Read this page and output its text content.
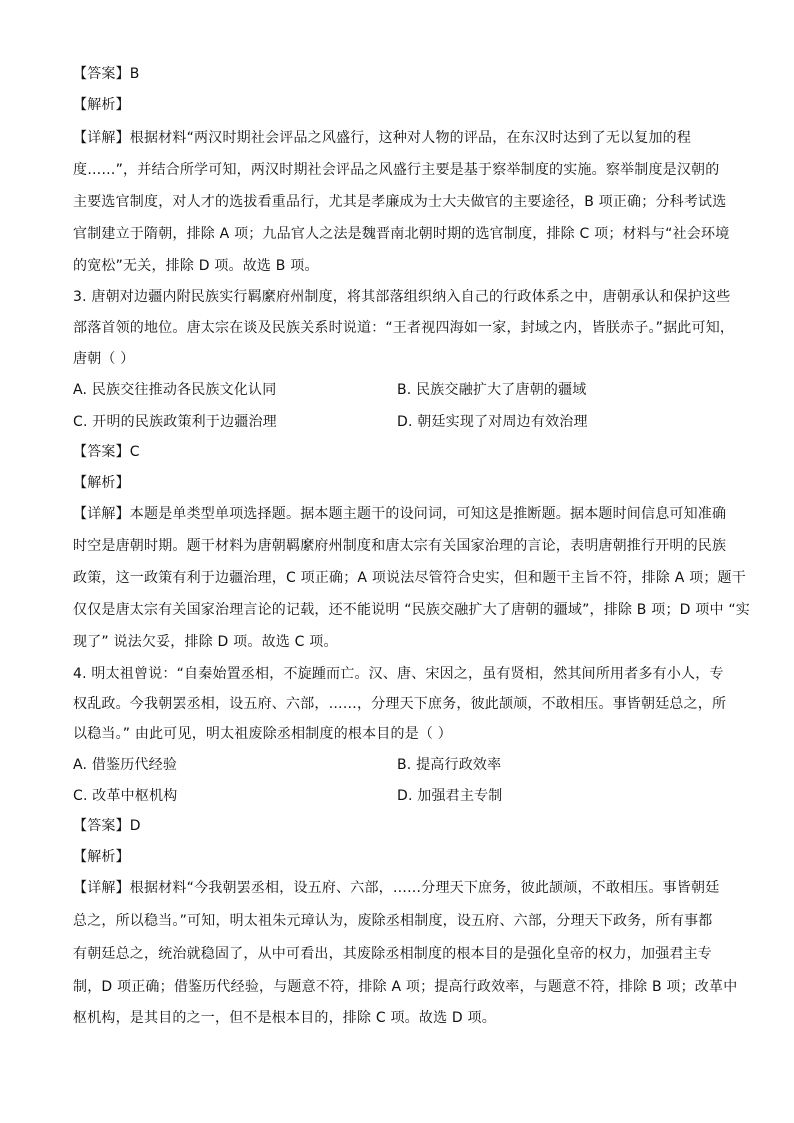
【答案】B
【解析】
【详解】根据材料“两汉时期社会评品之风盛行，这种对人物的评品，在东汉时达到了无以复加的程
度……”，并结合所学可知，两汉时期社会评品之风盛行主要是基于察举制度的实施。察举制度是汉朝的
主要选官制度，对人才的选拔看重品行，尤其是孝廉成为士大夫做官的主要途径，B 项正确；分科考试选
官制建立于隋朝，排除 A 项；九品官人之法是魏晋南北朝时期的选官制度，排除 C 项；材料与“社会环境
的宽松”无关，排除 D 项。故选 B 项。
3. 唐朝对边疆内附民族实行羁縻府州制度，将其部落组织纳入自己的行政体系之中，唐朝承认和保护这些
部落首领的地位。唐太宗在谈及民族关系时说道：“王者视四海如一家，封域之内，皆朕赤子。”据此可知，
唐朝（ ）
A. 民族交往推动各民族文化认同	B. 民族交融扩大了唐朝的疆域
C. 开明的民族政策利于边疆治理	D. 朝廷实现了对周边有效治理
【答案】C
【解析】
【详解】本题是单类型单项选择题。据本题主题干的设问词，可知这是推断题。据本题时间信息可知准确
时空是唐朝时期。题干材料为唐朝羁縻府州制度和唐太宗有关国家治理的言论，表明唐朝推行开明的民族
政策，这一政策有利于边疆治理，C 项正确；A 项说法尽管符合史实，但和题干主旨不符，排除 A 项；题干
仅仅是唐太宗有关国家治理言论的记载，还不能说明 “民族交融扩大了唐朝的疆域”，排除 B 项；D 项中 “实
现了” 说法欠妥，排除 D 项。故选 C 项。
4. 明太祖曾说：“自秦始置丞相，不旋踵而亡。汉、唐、宋因之，虽有贤相，然其间所用者多有小人，专
权乱政。今我朝罢丞相，设五府、六部，……，分理天下庶务，彼此颉颃，不敢相压。事皆朝廷总之，所
以稳当。” 由此可见，明太祖废除丞相制度的根本目的是（ ）
A. 借鉴历代经验	B. 提高行政效率
C. 改革中枢机构	D. 加强君主专制
【答案】D
【解析】
【详解】根据材料“今我朝罢丞相，设五府、六部，……分理天下庶务，彼此颉颃，不敢相压。事皆朝廷
总之，所以稳当。”可知，明太祖朱元璋认为，废除丞相制度，设五府、六部，分理天下政务，所有事都
有朝廷总之，统治就稳固了，从中可看出，其废除丞相制度的根本目的是强化皇帝的权力，加强君主专
制，D 项正确；借鉴历代经验，与题意不符，排除 A 项；提高行政效率，与题意不符，排除 B 项；改革中
枢机构，是其目的之一，但不是根本目的，排除 C 项。故选 D 项。
